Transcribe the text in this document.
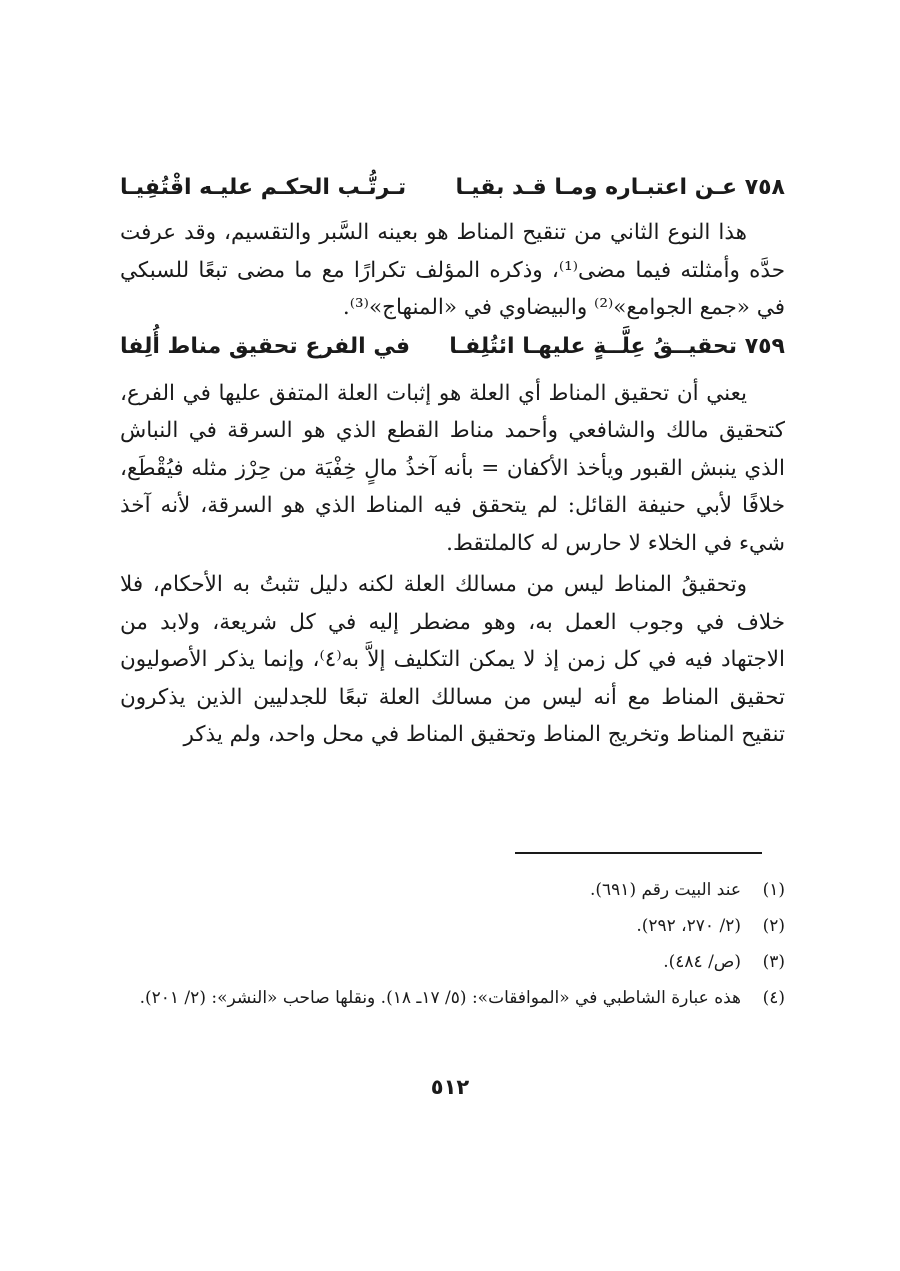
٧٥٨ عـن اعتبـاره ومـا قـد بقيـا
تـرتُّـب الحكـم عليـه اقْتُفِيـا

هذا النوع الثاني من تنقيح المناط هو بعينه السَّبر والتقسيم، وقد عرفت حدَّه وأمثلته فيما مضى⁽¹⁾، وذكره المؤلف تكرارًا مع ما مضى تبعًا للسبكي في «جمع الجوامع»⁽²⁾ والبيضاوي في «المنهاج»⁽³⁾.

٧٥٩ تحقيــقُ عِلَّــةٍ عليهـا ائتُلِفـا
في الفرع تحقيق مناط أُلِفا

يعني أن تحقيق المناط أي العلة هو إثبات العلة المتفق عليها في الفرع، كتحقيق مالك والشافعي وأحمد مناط القطع الذي هو السرقة في النباش الذي ينبش القبور ويأخذ الأكفان = بأنه آخذُ مالٍ خِفْيَة من حِرْز مثله فيُقْطَع، خلافًا لأبي حنيفة القائل: لم يتحقق فيه المناط الذي هو السرقة، لأنه آخذ شيء في الخلاء لا حارس له كالملتقط.

وتحقيقُ المناط ليس من مسالك العلة لكنه دليل تثبتُ به الأحكام، فلا خلاف في وجوب العمل به، وهو مضطر إليه في كل شريعة، ولابد من الاجتهاد فيه في كل زمن إذ لا يمكن التكليف إلاَّ به⁽٤⁾، وإنما يذكر الأصوليون تحقيق المناط مع أنه ليس من مسالك العلة تبعًا للجدليين الذين يذكرون تنقيح المناط وتخريج المناط وتحقيق المناط في محل واحد، ولم يذكر

(١)
عند البيت رقم (٦٩١).
(٢)
(٢/ ٢٧٠، ٢٩٢).
(٣)
(ص/ ٤٨٤).
(٤)
هذه عبارة الشاطبي في «الموافقات»: (٥/ ١٧ـ ١٨). ونقلها صاحب «النشر»: (٢/ ٢٠١).
٥١٢
